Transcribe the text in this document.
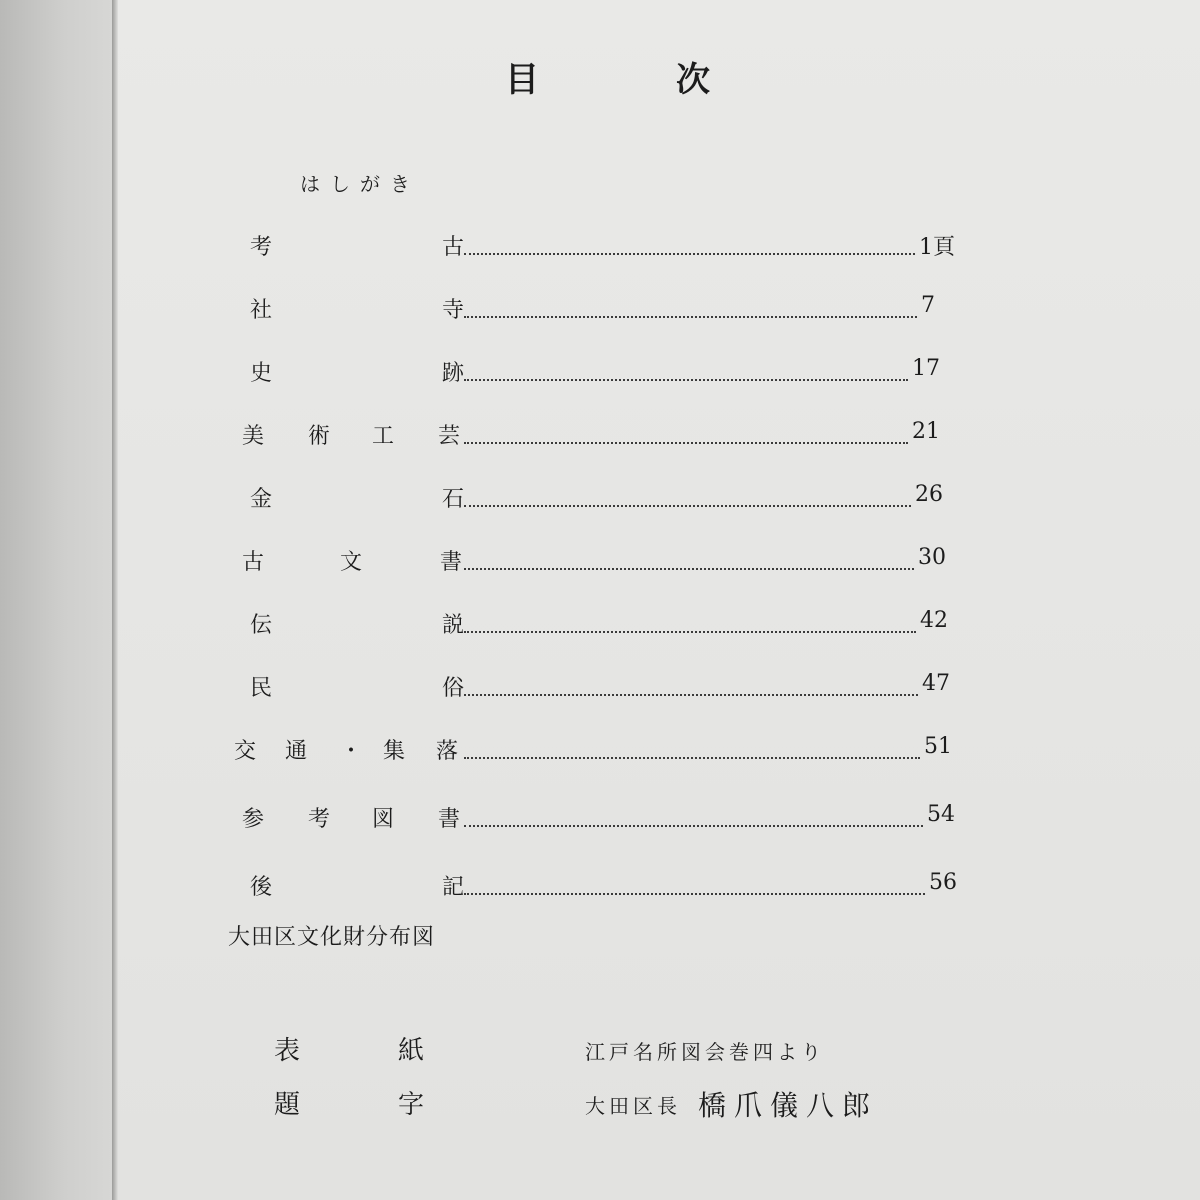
目	次
はしがき
考	古	1頁
社	寺	7
史	跡	17
美 術 工 芸	21
金	石	26
古	文	書	30
伝	説	42
民	俗	47
交 通 ・ 集 落	51
参 考 図 書	54
後	記	56
大田区文化財分布図
表	紙	江戸名所図会巻四より
題	字	大田区長 橋爪儀八郎
